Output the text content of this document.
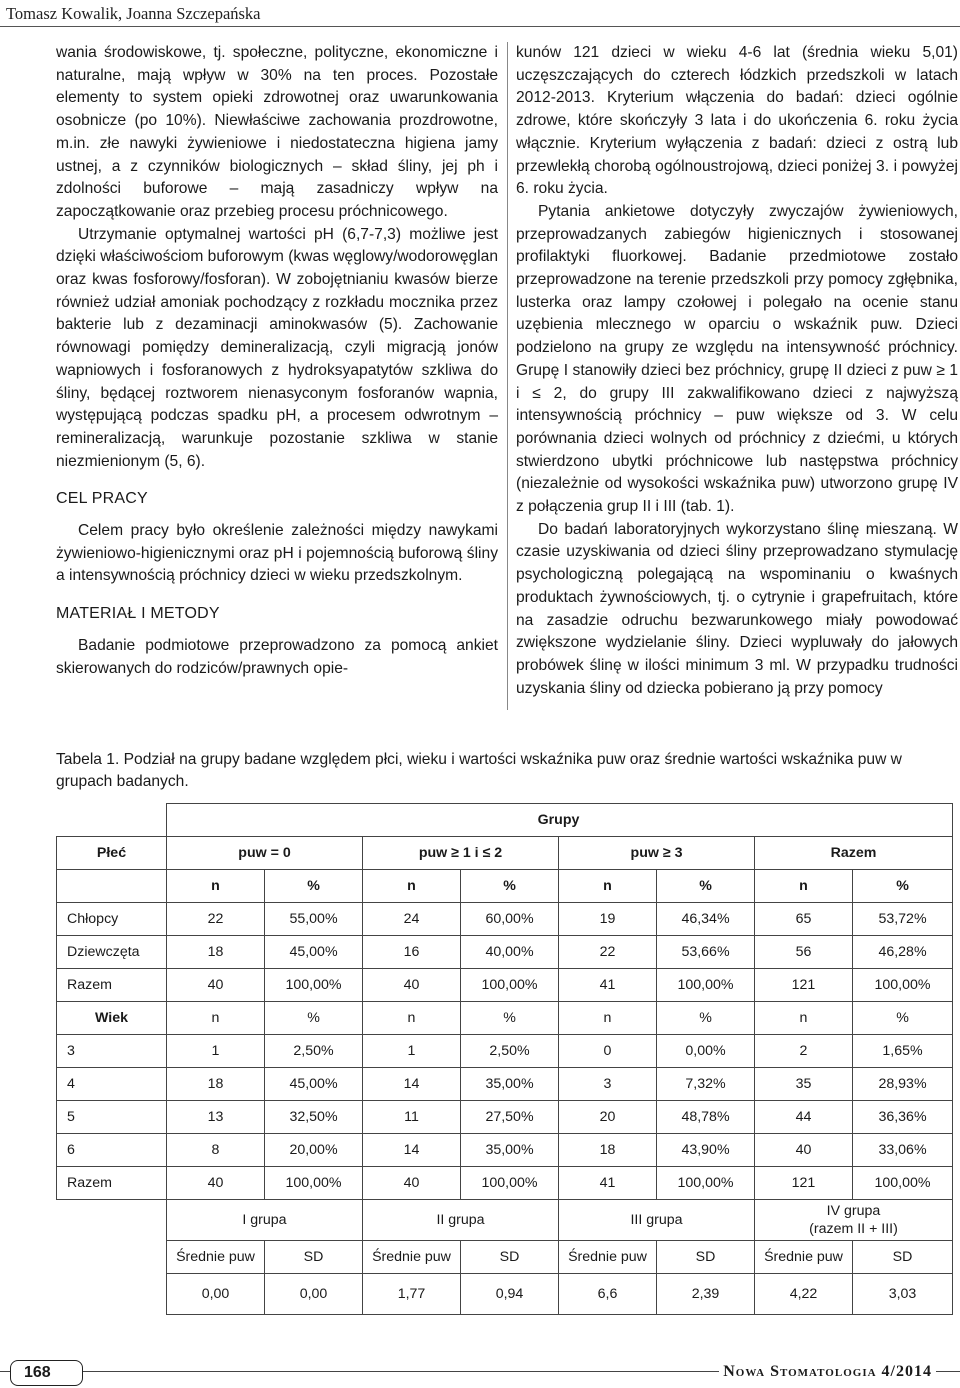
Tomasz Kowalik, Joanna Szczepańska

wania środowiskowe, tj. społeczne, polityczne, ekonomiczne i naturalne, mają wpływ w 30% na ten proces. Pozostałe elementy to system opieki zdrowotnej oraz uwarunkowania osobnicze (po 10%). Niewłaściwe zachowania prozdrowotne, m.in. złe nawyki żywieniowe i niedostateczna higiena jamy ustnej, a z czynników biologicznych – skład śliny, jej ph i zdolności buforowe – mają zasadniczy wpływ na zapoczątkowanie oraz przebieg procesu próchnicowego.

Utrzymanie optymalnej wartości pH (6,7-7,3) możliwe jest dzięki właściwościom buforowym (kwas węglowy/wodorowęglan oraz kwas fosforowy/fosforan). W zobojętnianiu kwasów bierze również udział amoniak pochodzący z rozkładu mocznika przez bakterie lub z dezaminacji aminokwasów (5). Zachowanie równowagi pomiędzy demineralizacją, czyli migracją jonów wapniowych i fosforanowych z hydroksyapatytów szkliwa do śliny, będącej roztworem nienasyconym fosforanów wapnia, występującą podczas spadku pH, a procesem odwrotnym – remineralizacją, warunkuje pozostanie szkliwa w stanie niezmienionym (5, 6).

CEL PRACY

Celem pracy było określenie zależności między nawykami żywieniowo-higienicznymi oraz pH i pojemnością buforową śliny a intensywnością próchnicy dzieci w wieku przedszkolnym.

MATERIAŁ I METODY

Badanie podmiotowe przeprowadzono za pomocą ankiet skierowanych do rodziców/prawnych opie-

kunów 121 dzieci w wieku 4-6 lat (średnia wieku 5,01) uczęszczających do czterech łódzkich przedszkoli w latach 2012-2013. Kryterium włączenia do badań: dzieci ogólnie zdrowe, które skończyły 3 lata i do ukończenia 6. roku życia włącznie. Kryterium wyłączenia z badań: dzieci z ostrą lub przewlekłą chorobą ogólnoustrojową, dzieci poniżej 3. i powyżej 6. roku życia.

Pytania ankietowe dotyczyły zwyczajów żywieniowych, przeprowadzanych zabiegów higienicznych i stosowanej profilaktyki fluorkowej. Badanie przedmiotowe zostało przeprowadzone na terenie przedszkoli przy pomocy zgłębnika, lusterka oraz lampy czołowej i polegało na ocenie stanu uzębienia mlecznego w oparciu o wskaźnik puw. Dzieci podzielono na grupy ze względu na intensywność próchnicy. Grupę I stanowiły dzieci bez próchnicy, grupę II dzieci z puw ≥ 1 i ≤ 2, do grupy III zakwalifikowano dzieci z najwyższą intensywnością próchnicy – puw większe od 3. W celu porównania dzieci wolnych od próchnicy z dziećmi, u których stwierdzono ubytki próchnicowe lub następstwa próchnicy (niezależnie od wysokości wskaźnika puw) utworzono grupę IV z połączenia grup II i III (tab. 1).

Do badań laboratoryjnych wykorzystano ślinę mieszaną. W czasie uzyskiwania od dzieci śliny przeprowadzano stymulację psychologiczną polegającą na wspominaniu o kwaśnych produktach żywnościowych, tj. o cytrynie i grapefruitach, które na zasadzie odruchu bezwarunkowego miały powodować zwiększone wydzielanie śliny. Dzieci wypluwały do jałowych probówek ślinę w ilości minimum 3 ml. W przypadku trudności uzyskania śliny od dziecka pobierano ją przy pomocy

Tabela 1. Podział na grupy badane względem płci, wieku i wartości wskaźnika puw oraz średnie wartości wskaźnika puw w grupach badanych.
				Grupy				
Płeć	puw = 0		puw ≥ 1 i ≤ 2		puw ≥ 3		Razem	
	n	%	n	%	n	%	n	%
Chłopcy	22	55,00%	24	60,00%	19	46,34%	65	53,72%
Dziewczęta	18	45,00%	16	40,00%	22	53,66%	56	46,28%
Razem	40	100,00%	40	100,00%	41	100,00%	121	100,00%
Wiek	n	%	n	%	n	%	n	%
3	1	2,50%	1	2,50%	0	0,00%	2	1,65%
4	18	45,00%	14	35,00%	3	7,32%	35	28,93%
5	13	32,50%	11	27,50%	20	48,78%	44	36,36%
6	8	20,00%	14	35,00%	18	43,90%	40	33,06%
Razem	40	100,00%	40	100,00%	41	100,00%	121	100,00%
	I grupa		II grupa		III grupa		IV grupa
(razem II + III)	
	Średnie puw	SD	Średnie puw	SD	Średnie puw	SD	Średnie puw	SD
	0,00	0,00	1,77	0,94	6,6	2,39	4,22	3,03
168	Nowa Stomatologia 4/2014
